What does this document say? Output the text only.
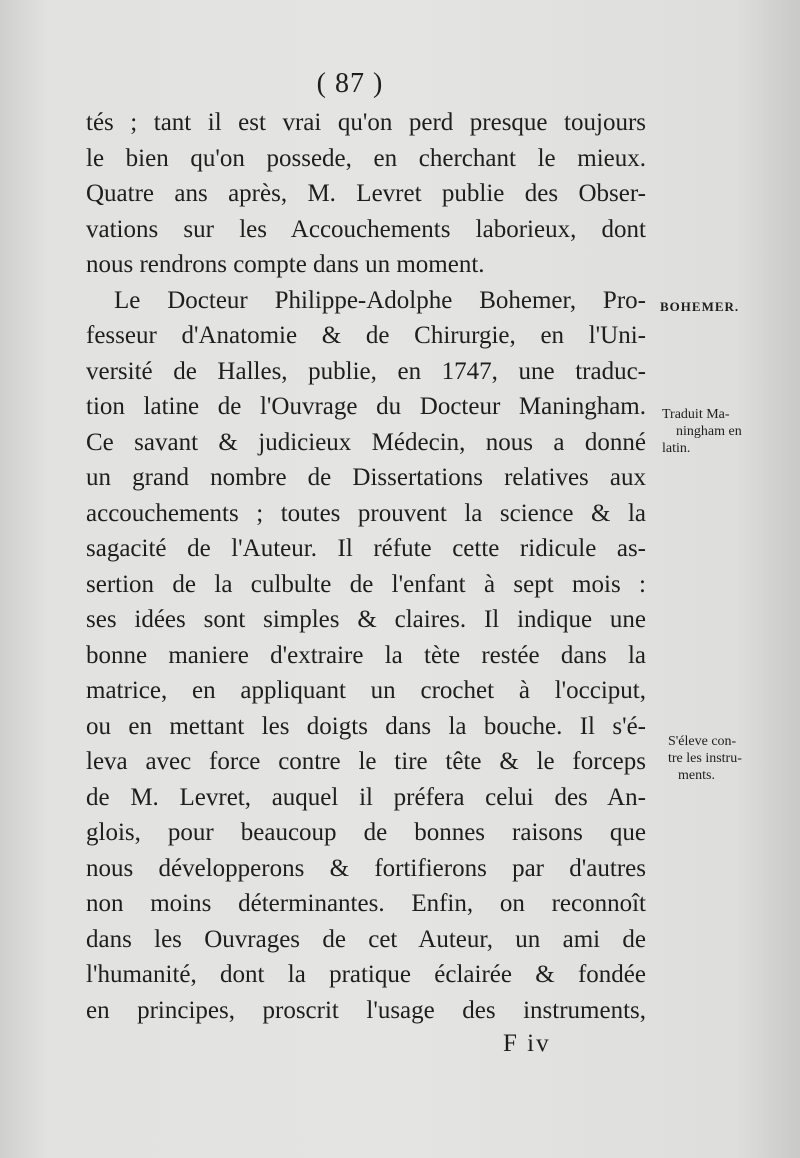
( 87 )
tés ; tant il est vrai qu'on perd presque toujours
le bien qu'on possede, en cherchant le mieux.
Quatre ans après, M. Levret publie des Obser-
vations sur les Accouchements laborieux, dont
nous rendrons compte dans un moment.
Le Docteur Philippe-Adolphe Bohemer, Pro-
fesseur d'Anatomie & de Chirurgie, en l'Uni-
versité de Halles, publie, en 1747, une traduc-
tion latine de l'Ouvrage du Docteur Maningham.
Ce savant & judicieux Médecin, nous a donné
un grand nombre de Dissertations relatives aux
accouchements ; toutes prouvent la science & la
sagacité de l'Auteur. Il réfute cette ridicule as-
sertion de la culbulte de l'enfant à sept mois :
ses idées sont simples & claires. Il indique une
bonne maniere d'extraire la tète restée dans la
matrice, en appliquant un crochet à l'occiput,
ou en mettant les doigts dans la bouche. Il s'é-
leva avec force contre le tire tête & le forceps
de M. Levret, auquel il préfera celui des An-
glois, pour beaucoup de bonnes raisons que
nous développerons & fortifierons par d'autres
non moins déterminantes. Enfin, on reconnoît
dans les Ouvrages de cet Auteur, un ami de
l'humanité, dont la pratique éclairée & fondée
en principes, proscrit l'usage des instruments,
BOHEMER.
Traduit Ma-
ningham en
latin.
S'éleve con-
tre les instru-
ments.
F iv
